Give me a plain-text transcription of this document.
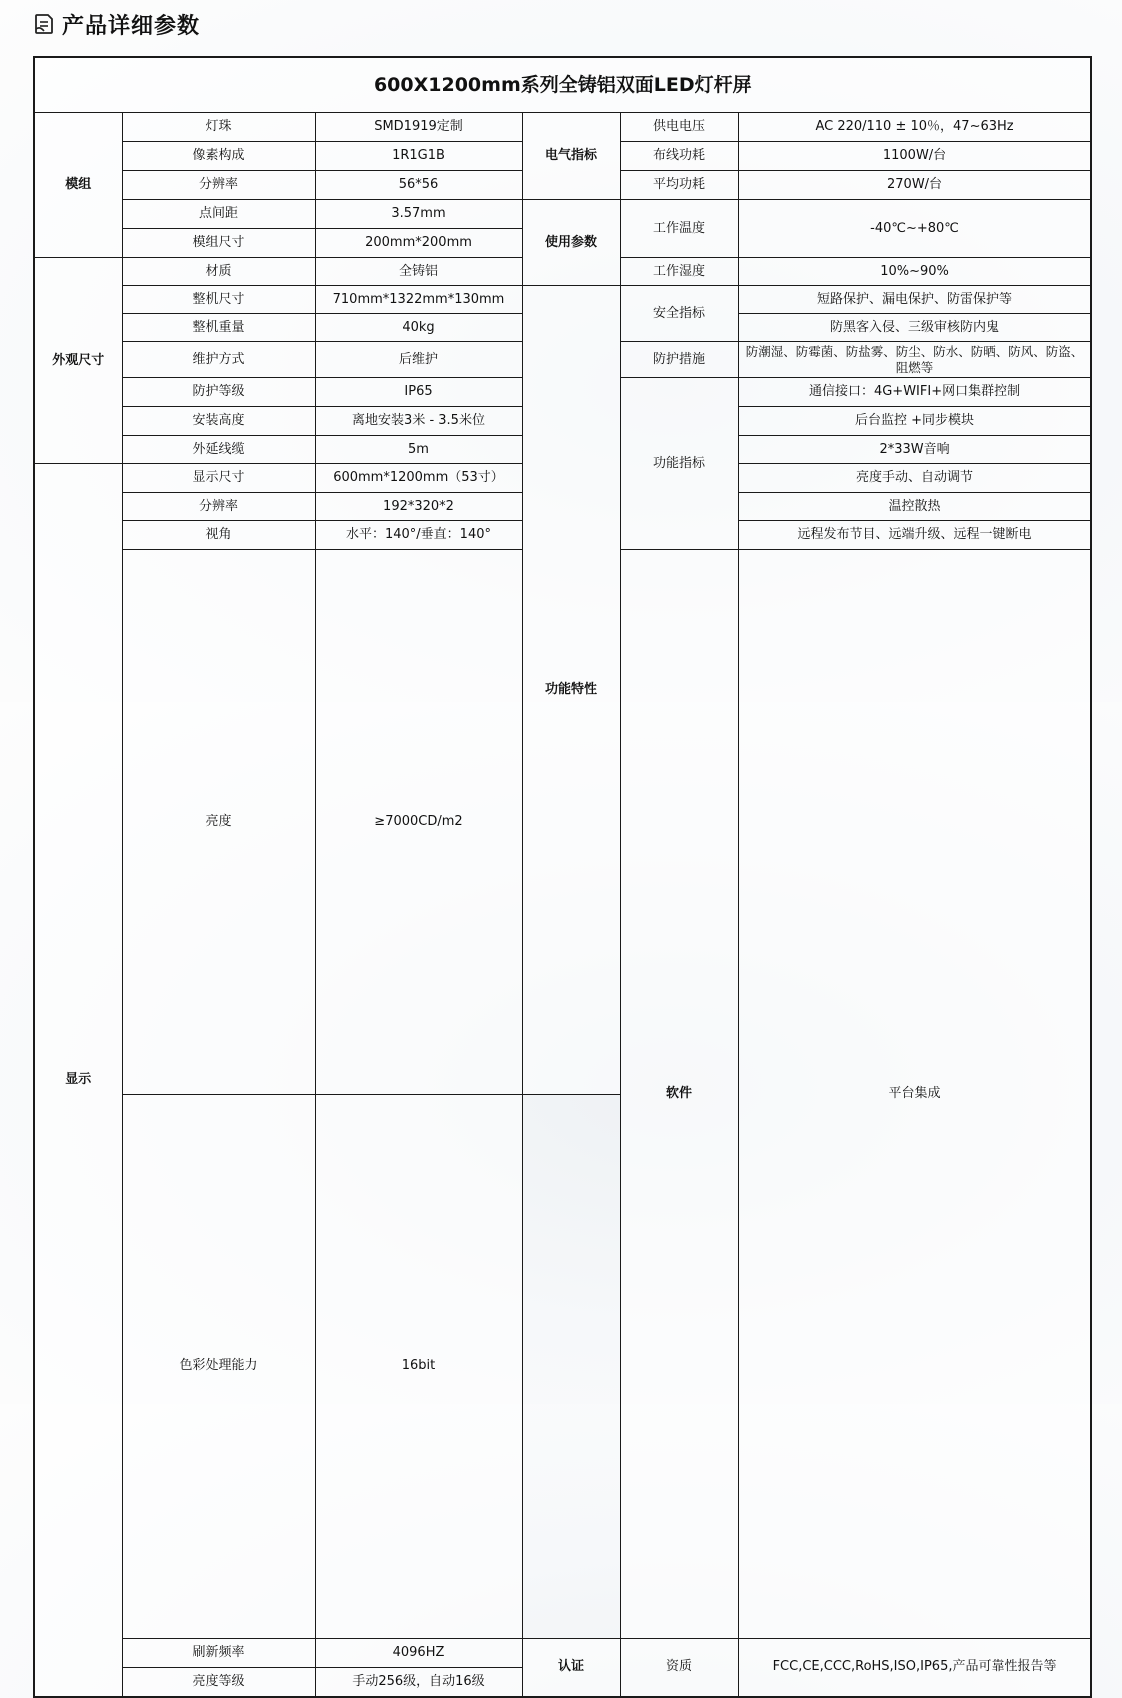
产品详细参数
600X1200mm系列全铸铝双面LED灯杆屏						
模组	灯珠	SMD1919定制	电气指标	供电电压	AC 220/110 ± 10％，47~63Hz	
	像素构成	1R1G1B		布线功耗	1100W/台	
	分辨率	56*56		平均功耗	270W/台	
	点间距	3.57mm	使用参数	工作温度	-40℃~+80℃	
	模组尺寸	200mm*200mm				
外观尺寸	材质	全铸铝		工作湿度	10%~90%	
	整机尺寸	710mm*1322mm*130mm	功能特性	安全指标	短路保护、漏电保护、防雷保护等	
	整机重量	40kg			防黑客入侵、三级审核防内鬼	
	维护方式	后维护		防护措施	防潮湿、防霉菌、防盐雾、防尘、防水、防晒、防风、防盗、阻燃等	
	防护等级	IP65		功能指标	通信接口：4G+WIFI+网口集群控制	
	安装高度	离地安装3米 - 3.5米位			后台监控 +同步模块	
	外延线缆	5m			2*33W音响	
显示	显示尺寸	600mm*1200mm（53寸）			亮度手动、自动调节	
	分辨率	192*320*2			温控散热	
	视角	水平：140°/垂直：140°			远程发布节目、远端升级、远程一键断电	
	亮度	≥7000CD/m2		软件	平台集成	
	色彩处理能力	16bit				
	刷新频率	4096HZ	认证	资质	FCC,CE,CCC,RoHS,ISO,IP65,产品可靠性报告等	
	亮度等级	手动256级，自动16级				
